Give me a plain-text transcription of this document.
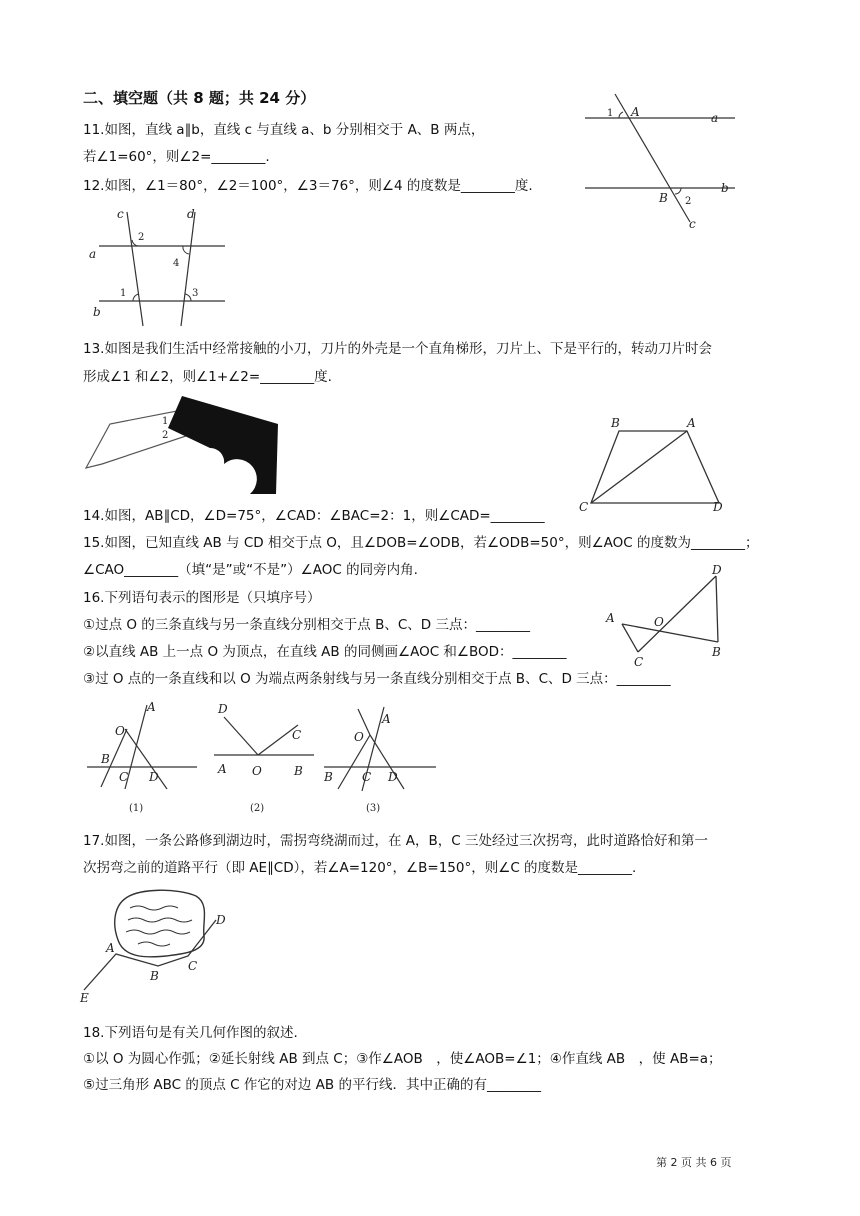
二、填空题（共 8 题；共 24 分）
11.如图，直线 a∥b，直线 c 与直线 a、b 分别相交于 A、B 两点，
若∠1=60°，则∠2=________.
12.如图，∠1＝80°，∠2＝100°，∠3＝76°，则∠4 的度数是________度.
13.如图是我们生活中经常接触的小刀，刀片的外壳是一个直角梯形，刀片上、下是平行的，转动刀片时会
形成∠1 和∠2，则∠1+∠2=________度.
14.如图，AB∥CD，∠D=75°，∠CAD：∠BAC=2：1，则∠CAD=________
15.如图，已知直线 AB 与 CD 相交于点 O，且∠DOB=∠ODB，若∠ODB=50°，则∠AOC 的度数为________；
∠CAO________（填“是”或“不是”）∠AOC 的同旁内角.
16.下列语句表示的图形是（只填序号）
①过点 O 的三条直线与另一条直线分别相交于点 B、C、D 三点：________
②以直线 AB 上一点 O 为顶点，在直线 AB 的同侧画∠AOC 和∠BOD：________
③过 O 点的一条直线和以 O 为端点两条射线与另一条直线分别相交于点 B、C、D 三点：________
17.如图，一条公路修到湖边时，需拐弯绕湖而过，在 A，B，C 三处经过三次拐弯，此时道路恰好和第一
次拐弯之前的道路平行（即 AE∥CD），若∠A=120°，∠B=150°，则∠C 的度数是________.
18.下列语句是有关几何作图的叙述.
①以 O 为圆心作弧；②延长射线 AB 到点 C；③作∠AOB　，使∠AOB=∠1；④作直线 AB　，使 AB=a；
⑤过三角形 ABC 的顶点 C 作它的对边 AB 的平行线．其中正确的有________
第 2 页 共 6 页
1 A	a
B 2
b
c
c	d
2
4
a
1	3
b
1
2
B	A
C	D
D
A	O
C
B
A
O
B
C D
(1)
D
C
A O	B
(2)
A
O
B C D
(3)
D
A
C
B
E
